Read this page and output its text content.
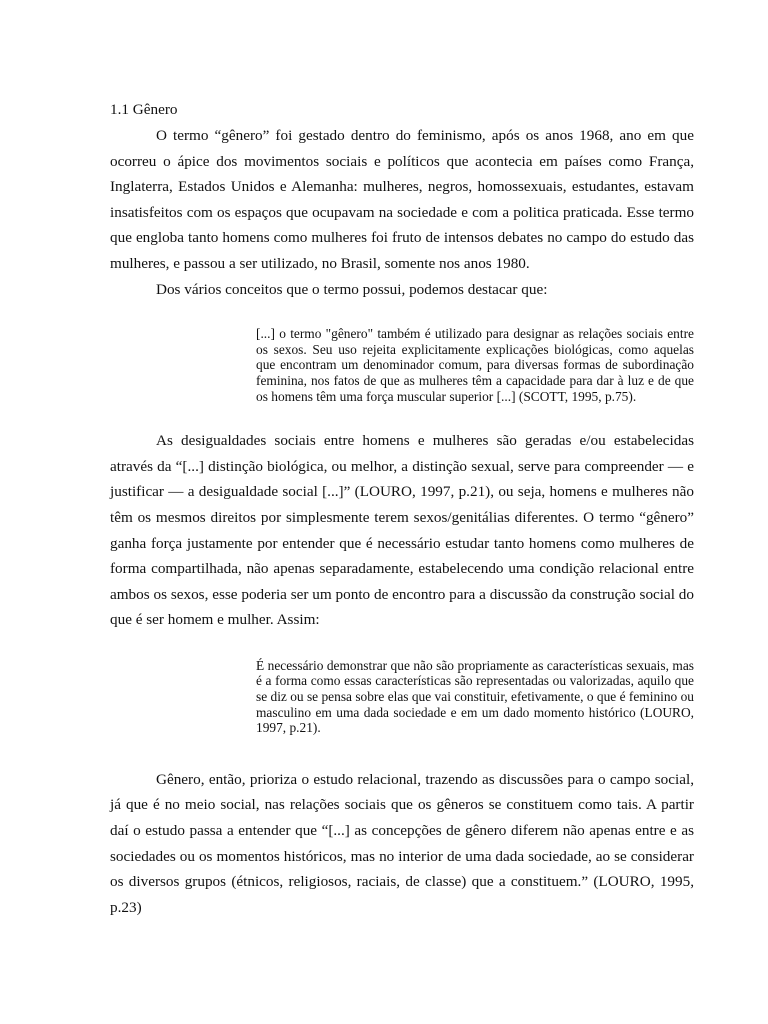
1.1 Gênero

O termo “gênero” foi gestado dentro do feminismo, após os anos 1968, ano em que ocorreu o ápice dos movimentos sociais e políticos que acontecia em países como França, Inglaterra, Estados Unidos e Alemanha: mulheres, negros, homossexuais, estudantes, estavam insatisfeitos com os espaços que ocupavam na sociedade e com a politica praticada. Esse termo que engloba tanto homens como mulheres foi fruto de intensos debates no campo do estudo das mulheres, e passou a ser utilizado, no Brasil, somente nos anos 1980.

Dos vários conceitos que o termo possui, podemos destacar que:

[...] o termo "gênero" também é utilizado para designar as relações sociais entre os sexos. Seu uso rejeita explicitamente explicações biológicas, como aquelas que encontram um denominador comum, para diversas formas de subordinação feminina, nos fatos de que as mulheres têm a capacidade para dar à luz e de que os homens têm uma força muscular superior [...] (SCOTT, 1995, p.75).

As desigualdades sociais entre homens e mulheres são geradas e/ou estabelecidas através da “[...] distinção biológica, ou melhor, a distinção sexual, serve para compreender — e justificar — a desigualdade social [...]” (LOURO, 1997, p.21), ou seja, homens e mulheres não têm os mesmos direitos por simplesmente terem sexos/genitálias diferentes. O termo “gênero” ganha força justamente por entender que é necessário estudar tanto homens como mulheres de forma compartilhada, não apenas separadamente, estabelecendo uma condição relacional entre ambos os sexos, esse poderia ser um ponto de encontro para a discussão da construção social do que é ser homem e mulher. Assim:

É necessário demonstrar que não são propriamente as características sexuais, mas é a forma como essas características são representadas ou valorizadas, aquilo que se diz ou se pensa sobre elas que vai constituir, efetivamente, o que é feminino ou masculino em uma dada sociedade e em um dado momento histórico (LOURO, 1997, p.21).

Gênero, então, prioriza o estudo relacional, trazendo as discussões para o campo social, já que é no meio social, nas relações sociais que os gêneros se constituem como tais. A partir daí o estudo passa a entender que “[...] as concepções de gênero diferem não apenas entre e as sociedades ou os momentos históricos, mas no interior de uma dada sociedade, ao se considerar os diversos grupos (étnicos, religiosos, raciais, de classe) que a constituem.” (LOURO, 1995, p.23)
